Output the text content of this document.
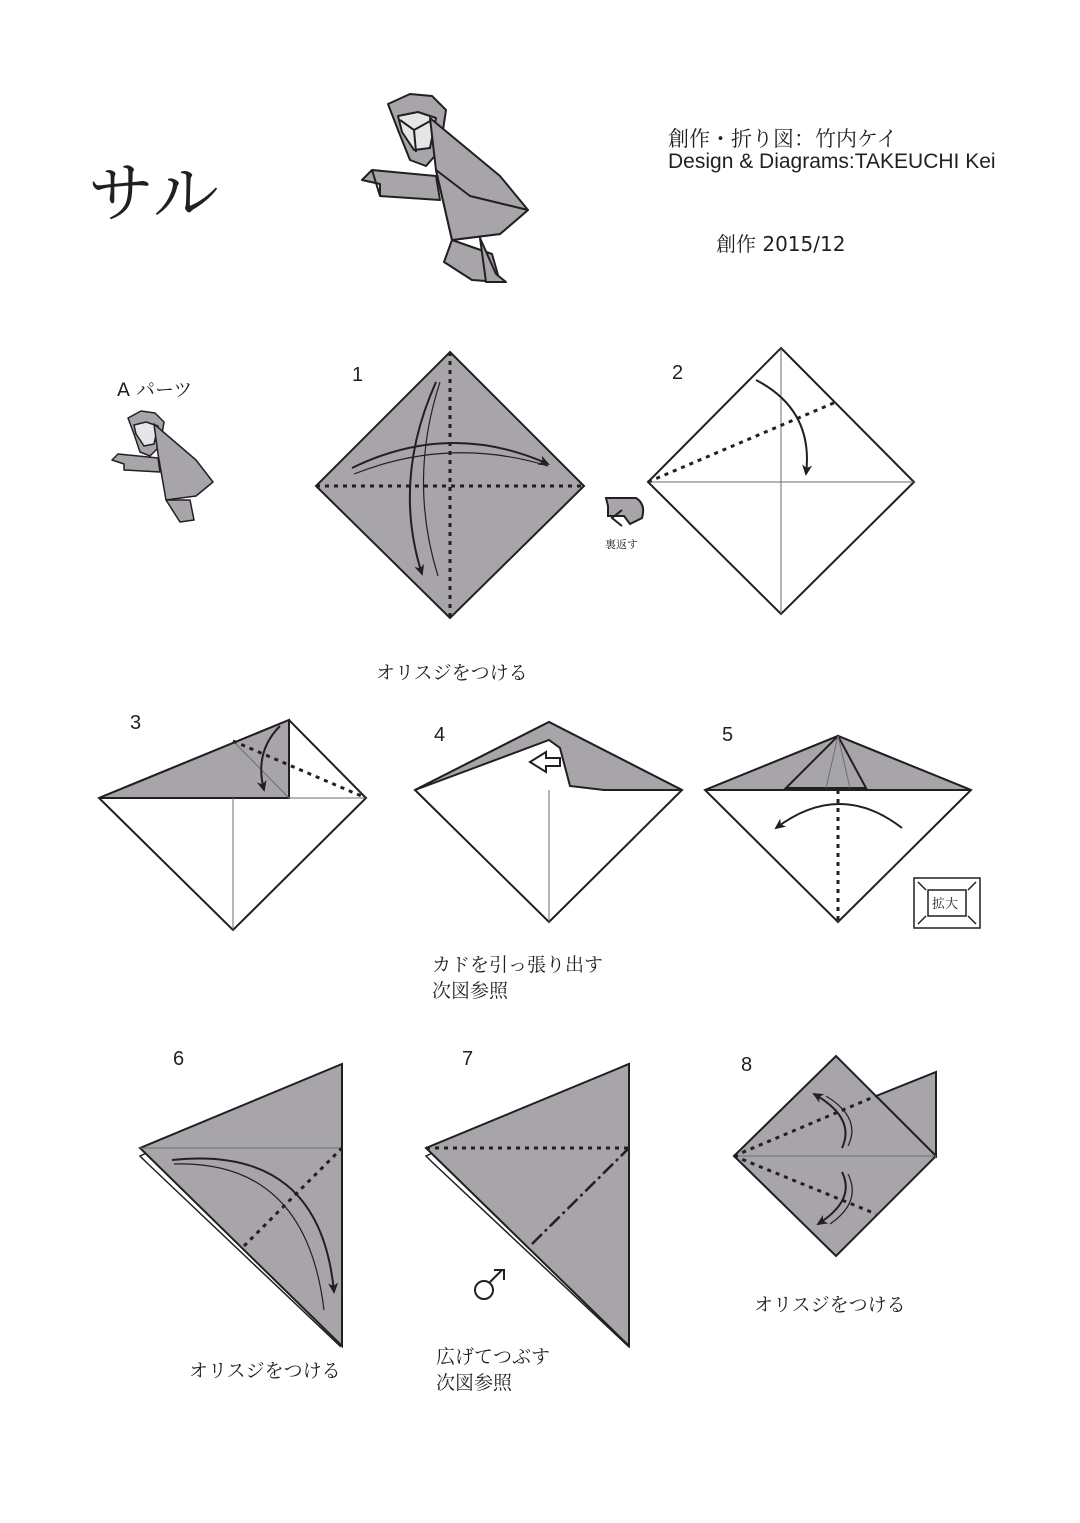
サル
創作・折り図：竹内ケイ
Design & Diagrams:TAKEUCHI Kei
創作 2015/12
A パーツ
1	2
3
4	5
6	7	8
裏返す
拡大
オリスジをつける
カドを引っ張り出す
次図参照
オリスジをつける
広げてつぶす
次図参照
オリスジをつける
